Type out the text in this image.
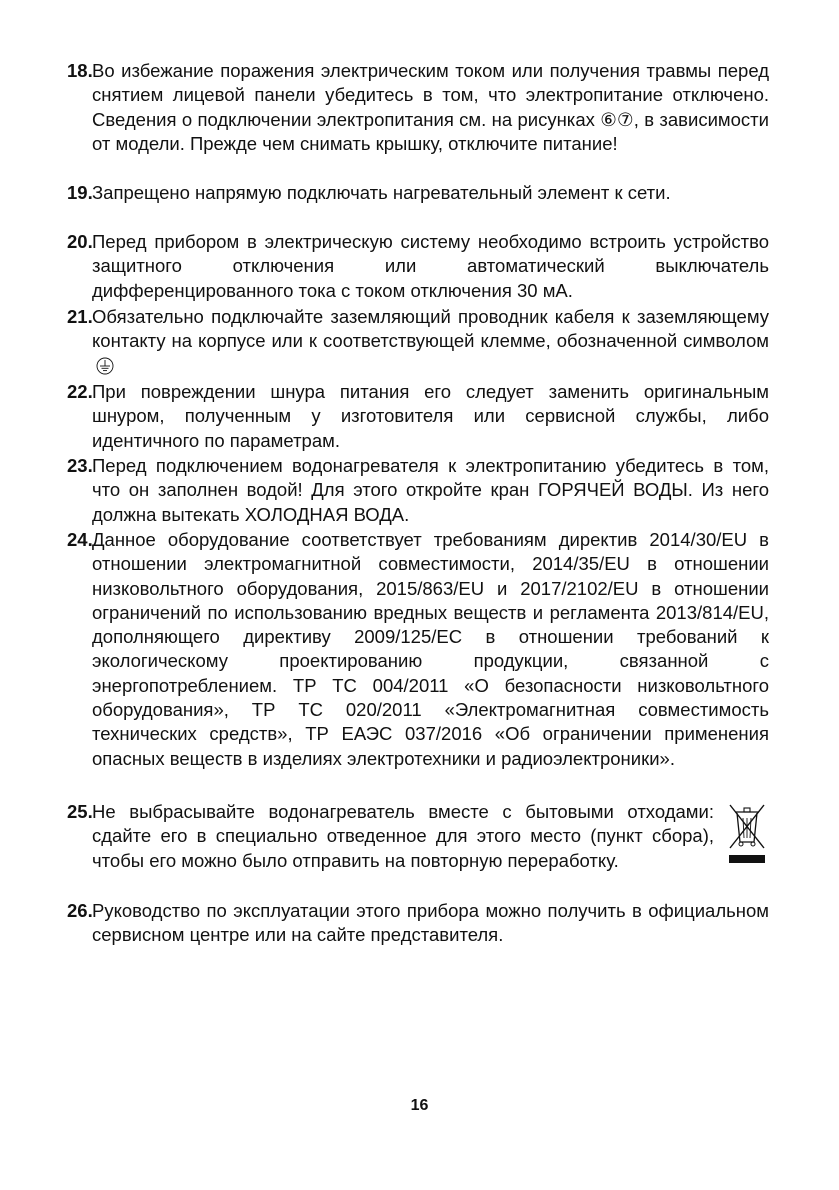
18. Во избежание поражения электрическим током или получения травмы перед снятием лицевой панели убедитесь в том, что электропитание отключено. Сведения о подключении электропитания см. на рисунках ⑥⑦, в зависимости от модели. Прежде чем снимать крышку, отключите питание!
19. Запрещено напрямую подключать нагревательный элемент к сети.
20. Перед прибором в электрическую систему необходимо встроить устройство защитного отключения или автоматический выключатель дифференцированного тока с током отключения 30 мА.
21. Обязательно подключайте заземляющий проводник кабеля к заземляющему контакту на корпусе или к соответствующей клемме, обозначенной символом
22. При повреждении шнура питания его следует заменить оригинальным шнуром, полученным у изготовителя или сервисной службы, либо идентичного по параметрам.
23. Перед подключением водонагревателя к электропитанию убедитесь в том, что он заполнен водой! Для этого откройте кран ГОРЯЧЕЙ ВОДЫ. Из него должна вытекать ХОЛОДНАЯ ВОДА.
24. Данное оборудование соответствует требованиям директив 2014/30/EU в отношении электромагнитной совместимости, 2014/35/EU в отношении низковольтного оборудования, 2015/863/EU и 2017/2102/EU в отношении ограничений по использованию вредных веществ и регламента 2013/814/EU, дополняющего директиву 2009/125/EC в отношении требований к экологическому проектированию продукции, связанной с энергопотреблением. ТР ТС 004/2011 «О безопасности низковольтного оборудования», ТР ТС 020/2011 «Электромагнитная совместимость технических средств», ТР ЕАЭС 037/2016 «Об ограничении применения опасных веществ в изделиях электротехники и радиоэлектроники».
25. Не выбрасывайте водонагреватель вместе с бытовыми отходами: сдайте его в специально отведенное для этого место (пункт сбора), чтобы его можно было отправить на повторную переработку.
26. Руководство по эксплуатации этого прибора можно получить в официальном сервисном центре или на сайте представителя.
16
